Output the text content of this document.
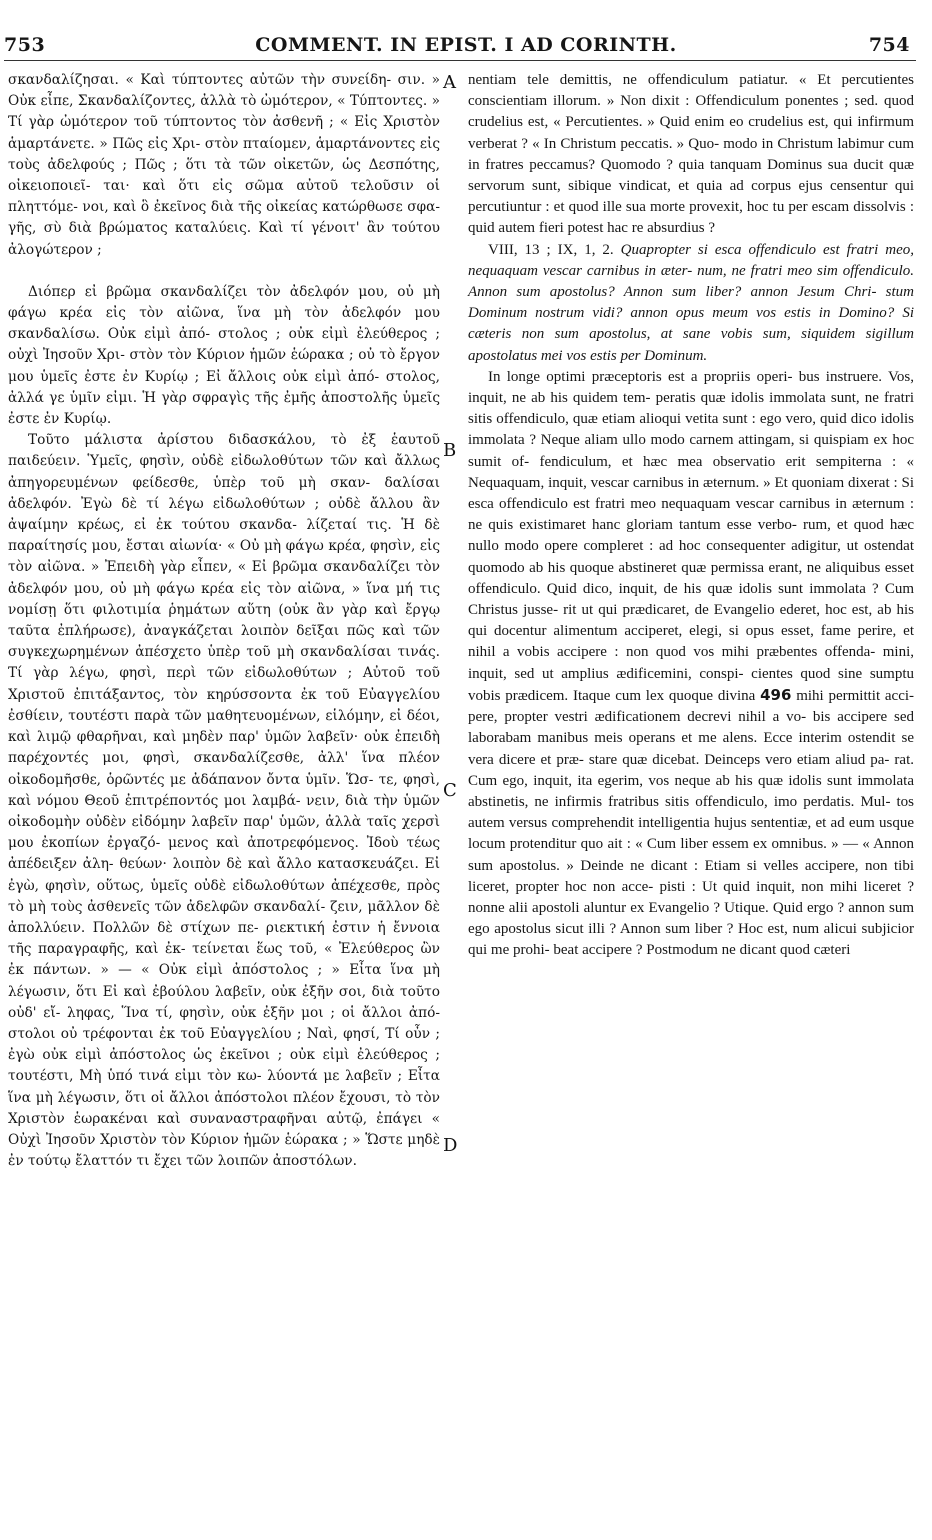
753	COMMENT. IN EPIST. I AD CORINTH.	754
A
B
C
D

σκανδαλίζησαι. « Καὶ τύπτοντες αὐτῶν τὴν συνείδη- σιν. » Οὐκ εἶπε, Σκανδαλίζοντες, ἀλλὰ τὸ ὠμότερον, « Τύπτοντες. » Τί γὰρ ὠμότερον τοῦ τύπτοντος τὸν ἀσθενῆ ; « Εἰς Χριστὸν ἁμαρτάνετε. » Πῶς εἰς Χρι- στὸν πταίομεν, ἁμαρτάνοντες εἰς τοὺς ἀδελφούς ; Πῶς ; ὅτι τὰ τῶν οἰκετῶν, ὡς Δεσπότης, οἰκειοποιεῖ- ται· καὶ ὅτι εἰς σῶμα αὐτοῦ τελοῦσιν οἱ πληττόμε- νοι, καὶ ὃ ἐκεῖνος διὰ τῆς οἰκείας κατώρθωσε σφα- γῆς, σὺ διὰ βρώματος καταλύεις. Καὶ τί γένοιτ' ἂν τούτου ἀλογώτερον ;

Διόπερ εἰ βρῶμα σκανδαλίζει τὸν ἀδελφόν μου, οὐ μὴ φάγω κρέα εἰς τὸν αἰῶνα, ἵνα μὴ τὸν ἀδελφόν μου σκανδαλίσω. Οὐκ εἰμὶ ἀπό- στολος ; οὐκ εἰμὶ ἐλεύθερος ; οὐχὶ Ἰησοῦν Χρι- στὸν τὸν Κύριον ἡμῶν ἑώρακα ; οὐ τὸ ἔργον μου ὑμεῖς ἐστε ἐν Κυρίῳ ; Εἰ ἄλλοις οὐκ εἰμὶ ἀπό- στολος, ἀλλά γε ὑμῖν εἰμι. Ἡ γὰρ σφραγὶς τῆς ἐμῆς ἀποστολῆς ὑμεῖς ἐστε ἐν Κυρίῳ.

Τοῦτο μάλιστα ἀρίστου διδασκάλου, τὸ ἐξ ἑαυτοῦ παιδεύειν. Ὑμεῖς, φησὶν, οὐδὲ εἰδωλοθύτων τῶν καὶ ἄλλως ἀπηγορευμένων φείδεσθε, ὑπὲρ τοῦ μὴ σκαν- δαλίσαι ἀδελφόν. Ἐγὼ δὲ τί λέγω εἰδωλοθύτων ; οὐδὲ ἄλλου ἂν ἀψαίμην κρέως, εἰ ἐκ τούτου σκανδα- λίζεταί τις. Ἡ δὲ παραίτησίς μου, ἔσται αἰωνία· « Οὐ μὴ φάγω κρέα, φησὶν, εἰς τὸν αἰῶνα. » Ἐπειδὴ γὰρ εἶπεν, « Εἰ βρῶμα σκανδαλίζει τὸν ἀδελφόν μου, οὐ μὴ φάγω κρέα εἰς τὸν αἰῶνα, » ἵνα μή τις νομίσῃ ὅτι φιλοτιμία ῥημάτων αὕτη (οὐκ ἂν γὰρ καὶ ἔργῳ ταῦτα ἐπλήρωσε), ἀναγκάζεται λοιπὸν δεῖξαι πῶς καὶ τῶν συγκεχωρημένων ἀπέσχετο ὑπὲρ τοῦ μὴ σκανδαλίσαι τινάς. Τί γὰρ λέγω, φησὶ, περὶ τῶν εἰδωλοθύτων ; Αὐτοῦ τοῦ Χριστοῦ ἐπιτάξαντος, τὸν κηρύσσοντα ἐκ τοῦ Εὐαγγελίου ἐσθίειν, τουτέστι παρὰ τῶν μαθητευομένων, εἱλόμην, εἰ δέοι, καὶ λιμῷ φθαρῆναι, καὶ μηδὲν παρ' ὑμῶν λαβεῖν· οὐκ ἐπειδὴ παρέχοντές μοι, φησὶ, σκανδαλίζεσθε, ἀλλ' ἵνα πλέον οἰκοδομῆσθε, ὁρῶντές με ἀδάπανον ὄντα ὑμῖν. Ὥσ- τε, φησὶ, καὶ νόμου Θεοῦ ἐπιτρέποντός μοι λαμβά- νειν, διὰ τὴν ὑμῶν οἰκοδομὴν οὐδὲν εἰδόμην λαβεῖν παρ' ὑμῶν, ἀλλὰ ταῖς χερσὶ μου ἐκοπίων ἐργαζό- μενος καὶ ἀποτρεφόμενος. Ἰδοὺ τέως ἀπέδειξεν ἀλη- θεύων· λοιπὸν δὲ καὶ ἄλλο κατασκευάζει. Εἰ ἐγὼ, φησὶν, οὕτως, ὑμεῖς οὐδὲ εἰδωλοθύτων ἀπέχεσθε, πρὸς τὸ μὴ τοὺς ἀσθενεῖς τῶν ἀδελφῶν σκανδαλί- ζειν, μᾶλλον δὲ ἀπολλύειν. Πολλῶν δὲ στίχων πε- ριεκτική ἐστιν ἡ ἔννοια τῆς παραγραφῆς, καὶ ἐκ- τείνεται ἕως τοῦ, « Ἐλεύθερος ὢν ἐκ πάντων. » — « Οὐκ εἰμὶ ἀπόστολος ; » Εἶτα ἵνα μὴ λέγωσιν, ὅτι Εἰ καὶ ἐβούλου λαβεῖν, οὐκ ἐξῆν σοι, διὰ τοῦτο οὐδ' εἴ- ληφας, Ἵνα τί, φησὶν, οὐκ ἐξῆν μοι ; οἱ ἄλλοι ἀπό- στολοι οὐ τρέφονται ἐκ τοῦ Εὐαγγελίου ; Ναὶ, φησί, Τί οὖν ; ἐγὼ οὐκ εἰμὶ ἀπόστολος ὡς ἐκεῖνοι ; οὐκ εἰμὶ ἐλεύθερος ; τουτέστι, Μὴ ὑπό τινά εἰμι τὸν κω- λύοντά με λαβεῖν ; Εἶτα ἵνα μὴ λέγωσιν, ὅτι οἱ ἄλλοι ἀπόστολοι πλέον ἔχουσι, τὸ τὸν Χριστὸν ἑωρακέναι καὶ συναναστραφῆναι αὐτῷ, ἐπάγει « Οὐχὶ Ἰησοῦν Χριστὸν τὸν Κύριον ἡμῶν ἑώρακα ; » Ὥστε μηδὲ ἐν τούτῳ ἔλαττόν τι ἔχει τῶν λοιπῶν ἀποστόλων.

nentiam tele demittis, ne offendiculum patiatur. « Et percutientes conscientiam illorum. » Non dixit : Offendiculum ponentes ; sed. quod crudelius est, « Percutientes. » Quid enim eo crudelius est, qui infirmum verberat ? « In Christum peccatis. » Quo- modo in Christum labimur cum in fratres peccamus? Quomodo ? quia tanquam Dominus sua ducit quæ servorum sunt, sibique vindicat, et quia ad corpus ejus censentur qui percutiuntur : et quod ille sua morte provexit, hoc tu per escam dissolvis : quid autem fieri potest hac re absurdius ?

VIII, 13 ; IX, 1, 2. Quapropter si esca offendiculo est fratri meo, nequaquam vescar carnibus in æter- num, ne fratri meo sim offendiculo. Annon sum apostolus? Annon sum liber? annon Jesum Chri- stum Dominum nostrum vidi? annon opus meum vos estis in Domino? Si cæteris non sum apostolus, at sane vobis sum, siquidem sigillum apostolatus mei vos estis per Dominum.

In longe optimi præceptoris est a propriis operi- bus instruere. Vos, inquit, ne ab his quidem tem- peratis quæ idolis immolata sunt, ne fratri sitis offendiculo, quæ etiam alioqui vetita sunt : ego vero, quid dico idolis immolata ? Neque aliam ullo modo carnem attingam, si quispiam ex hoc sumit of- fendiculum, et hæc mea observatio erit sempiterna : « Nequaquam, inquit, vescar carnibus in æternum. » Et quoniam dixerat : Si esca offendiculo est fratri meo nequaquam vescar carnibus in æternum : ne quis existimaret hanc gloriam tantum esse verbo- rum, et quod hæc nullo modo opere compleret : ad hoc consequenter adigitur, ut ostendat quomodo ab his quoque abstineret quæ permissa erant, ne aliquibus esset offendiculo. Quid dico, inquit, de his quæ idolis sunt immolata ? Cum Christus jusse- rit ut qui prædicaret, de Evangelio ederet, hoc est, ab his qui docentur alimentum acciperet, elegi, si opus esset, fame perire, et nihil a vobis accipere : non quod vos mihi præbentes offenda- mini, inquit, sed ut amplius ædificemini, conspi- cientes quod sine sumptu vobis prædicem. Itaque cum lex quoque divina 496 mihi permittit acci- pere, propter vestri ædificationem decrevi nihil a vo- bis accipere sed laborabam manibus meis operans et me alens. Ecce interim ostendit se vera dicere et præ- stare quæ dicebat. Deinceps vero etiam aliud pa- rat. Cum ego, inquit, ita egerim, vos neque ab his quæ idolis sunt immolata abstinetis, ne infirmis fratribus sitis offendiculo, imo perdatis. Mul- tos autem versus comprehendit intelligentia hujus sententiæ, et ad eum usque locum protenditur quo ait : « Cum liber essem ex omnibus. » — « Annon sum apostolus. » Deinde ne dicant : Etiam si velles accipere, non tibi liceret, propter hoc non acce- pisti : Ut quid inquit, non mihi liceret ? nonne alii apostoli aluntur ex Evangelio ? Utique. Quid ergo ? annon sum ego apostolus sicut illi ? Annon sum liber ? Hoc est, num alicui subjicior qui me prohi- beat accipere ? Postmodum ne dicant quod cæteri
